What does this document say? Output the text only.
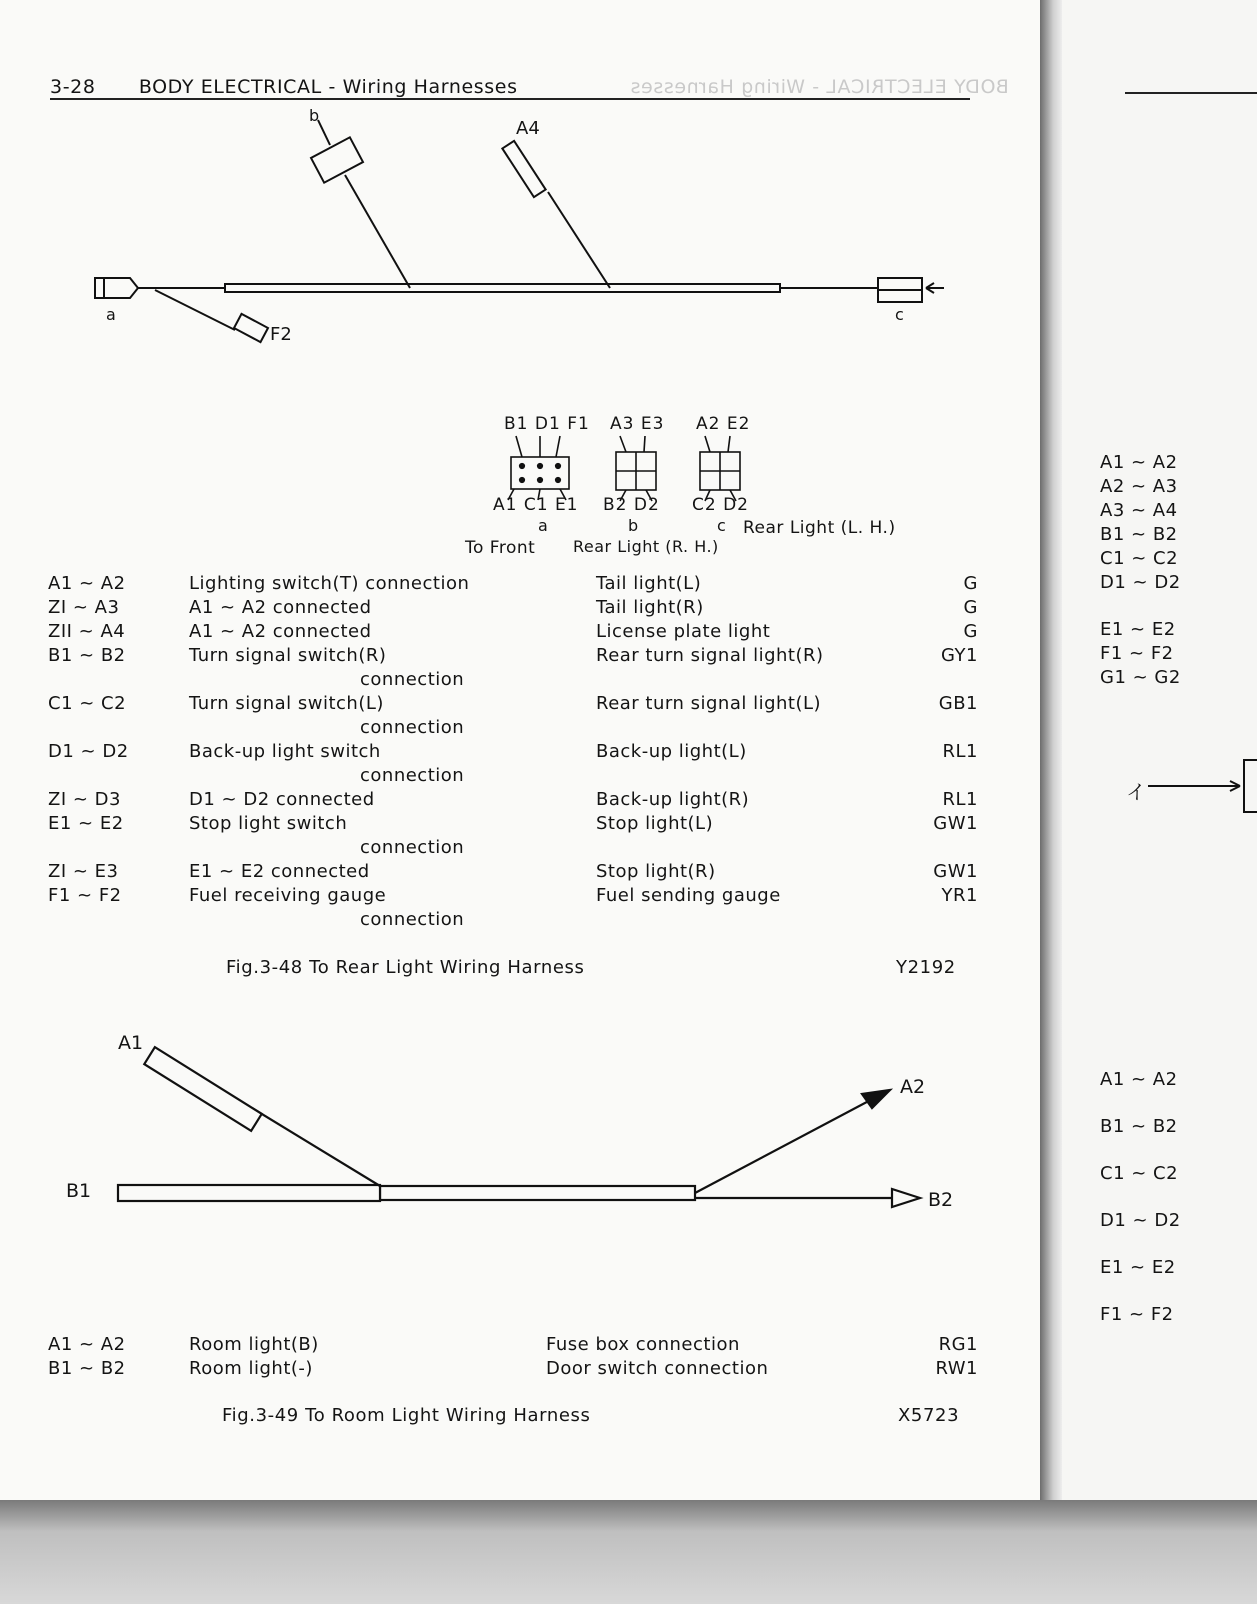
3-28 BODY ELECTRICAL - Wiring Harnesses	BODY ELECTRICAL - Wiring Harnesses
b
A4
a
F2
c
B1 D1 F1
A1 C1 E1
A3 E3
B2 D2
A2 E2
C2 D2
a	b	c
To Front Rear Light (R. H.)
Rear Light (L. H.)
A1 ~ A2	Lighting switch(T) connection	Tail light(L)	G
ZI ~ A3	A1 ~ A2 connected	Tail light(R)	G
ZII ~ A4	A1 ~ A2 connected	License plate light	G
B1 ~ B2	Turn signal switch(R)	Rear turn signal light(R)	GY1
connection
C1 ~ C2	Turn signal switch(L)	Rear turn signal light(L)	GB1
connection
D1 ~ D2	Back-up light switch	Back-up light(L)	RL1
connection
ZI ~ D3	D1 ~ D2 connected	Back-up light(R)	RL1
E1 ~ E2	Stop light switch	Stop light(L)	GW1
connection
ZI ~ E3	E1 ~ E2 connected	Stop light(R)	GW1
F1 ~ F2	Fuel receiving gauge	Fuel sending gauge	YR1
connection
Fig.3-48 To Rear Light Wiring Harness	Y2192
A1
A2
B1	B2
A1 ~ A2	Room light(B)	Fuse box connection	RG1
B1 ~ B2	Room light(-)	Door switch connection	RW1
Fig.3-49 To Room Light Wiring Harness	X5723
A1 ~ A2
A2 ~ A3
A3 ~ A4
B1 ~ B2
C1 ~ C2
D1 ~ D2
E1 ~ E2
F1 ~ F2
G1 ~ G2
イ
A1 ~ A2
B1 ~ B2
C1 ~ C2
D1 ~ D2
E1 ~ E2
F1 ~ F2
